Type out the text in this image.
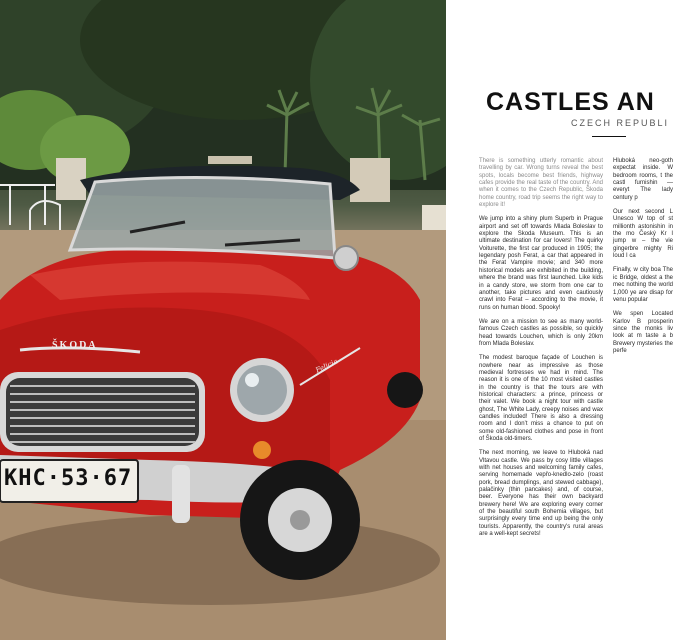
KHC·53·67
ŠKODA
Felicia
CASTLES AN
CZECH REPUBLI

There is something utterly romantic about travelling by car. Wrong turns reveal the best spots, locals become best friends, highway cafes provide the real taste of the country. And when it comes to the Czech Republic, Škoda home country, road trip seems the right way to explore it!

We jump into a shiny plum Superb in Prague airport and set off towards Mlada Boleslav to explore the Skoda Museum. This is an ultimate destination for car lovers! The quirky Voiturette, the first car produced in 1905; the legendary posh Ferat, a car that appeared in the Ferat Vampire movie; and 340 more historical models are exhibited in the building, where the brand was first launched. Like kids in a candy store, we storm from one car to another, take pictures and even cautiously crawl into Ferat – according to the movie, it runs on human blood. Spooky!

We are on a mission to see as many world-famous Czech castles as possible, so quickly head towards Louchen, which is only 20km from Mlada Boleslav.

The modest baroque façade of Louchen is nowhere near as impressive as those medieval fortresses we had in mind. The reason it is one of the 10 most visited castles in the country is that the tours are with historical characters: a prince, princess or their valet. We book a night tour with castle ghost, The White Lady, creepy noises and wax candles included! There is also a dressing room and I don’t miss a chance to put on some old-fashioned clothes and pose in front of Škoda old-timers.

The next morning, we leave to Hluboká nad Vltavou castle. We pass by cosy little villages with net houses and welcoming family cafes, serving homemade vepřo-knedlo-zelo (roast pork, bread dumplings, and stewed cabbage), palačinky (thin pancakes) and, of course, beer. Everyone has their own backyard brewery here! We are exploring every corner of the beautiful south Bohemia villages, but surprisingly every time end up being the only tourists. Apparently, the country's rural areas are a well-kept secrets!

Hluboká neo-goth expectat inside. W bedroom rooms, t the castl furnishin — everyt The lady century p

Our next second L Unesco W top of st millionth astonishin in the mo Český Kr I jump w – the vie gingerbre mighty Ri loud I ca

Finally, w city boa The ic Bridge, oldest a the mec nothing the world 1,000 ye are disap for venu popular

We spen Located Karlov B prosperin since the monks liv look at m taste a b Brewery mysteries the perfe
